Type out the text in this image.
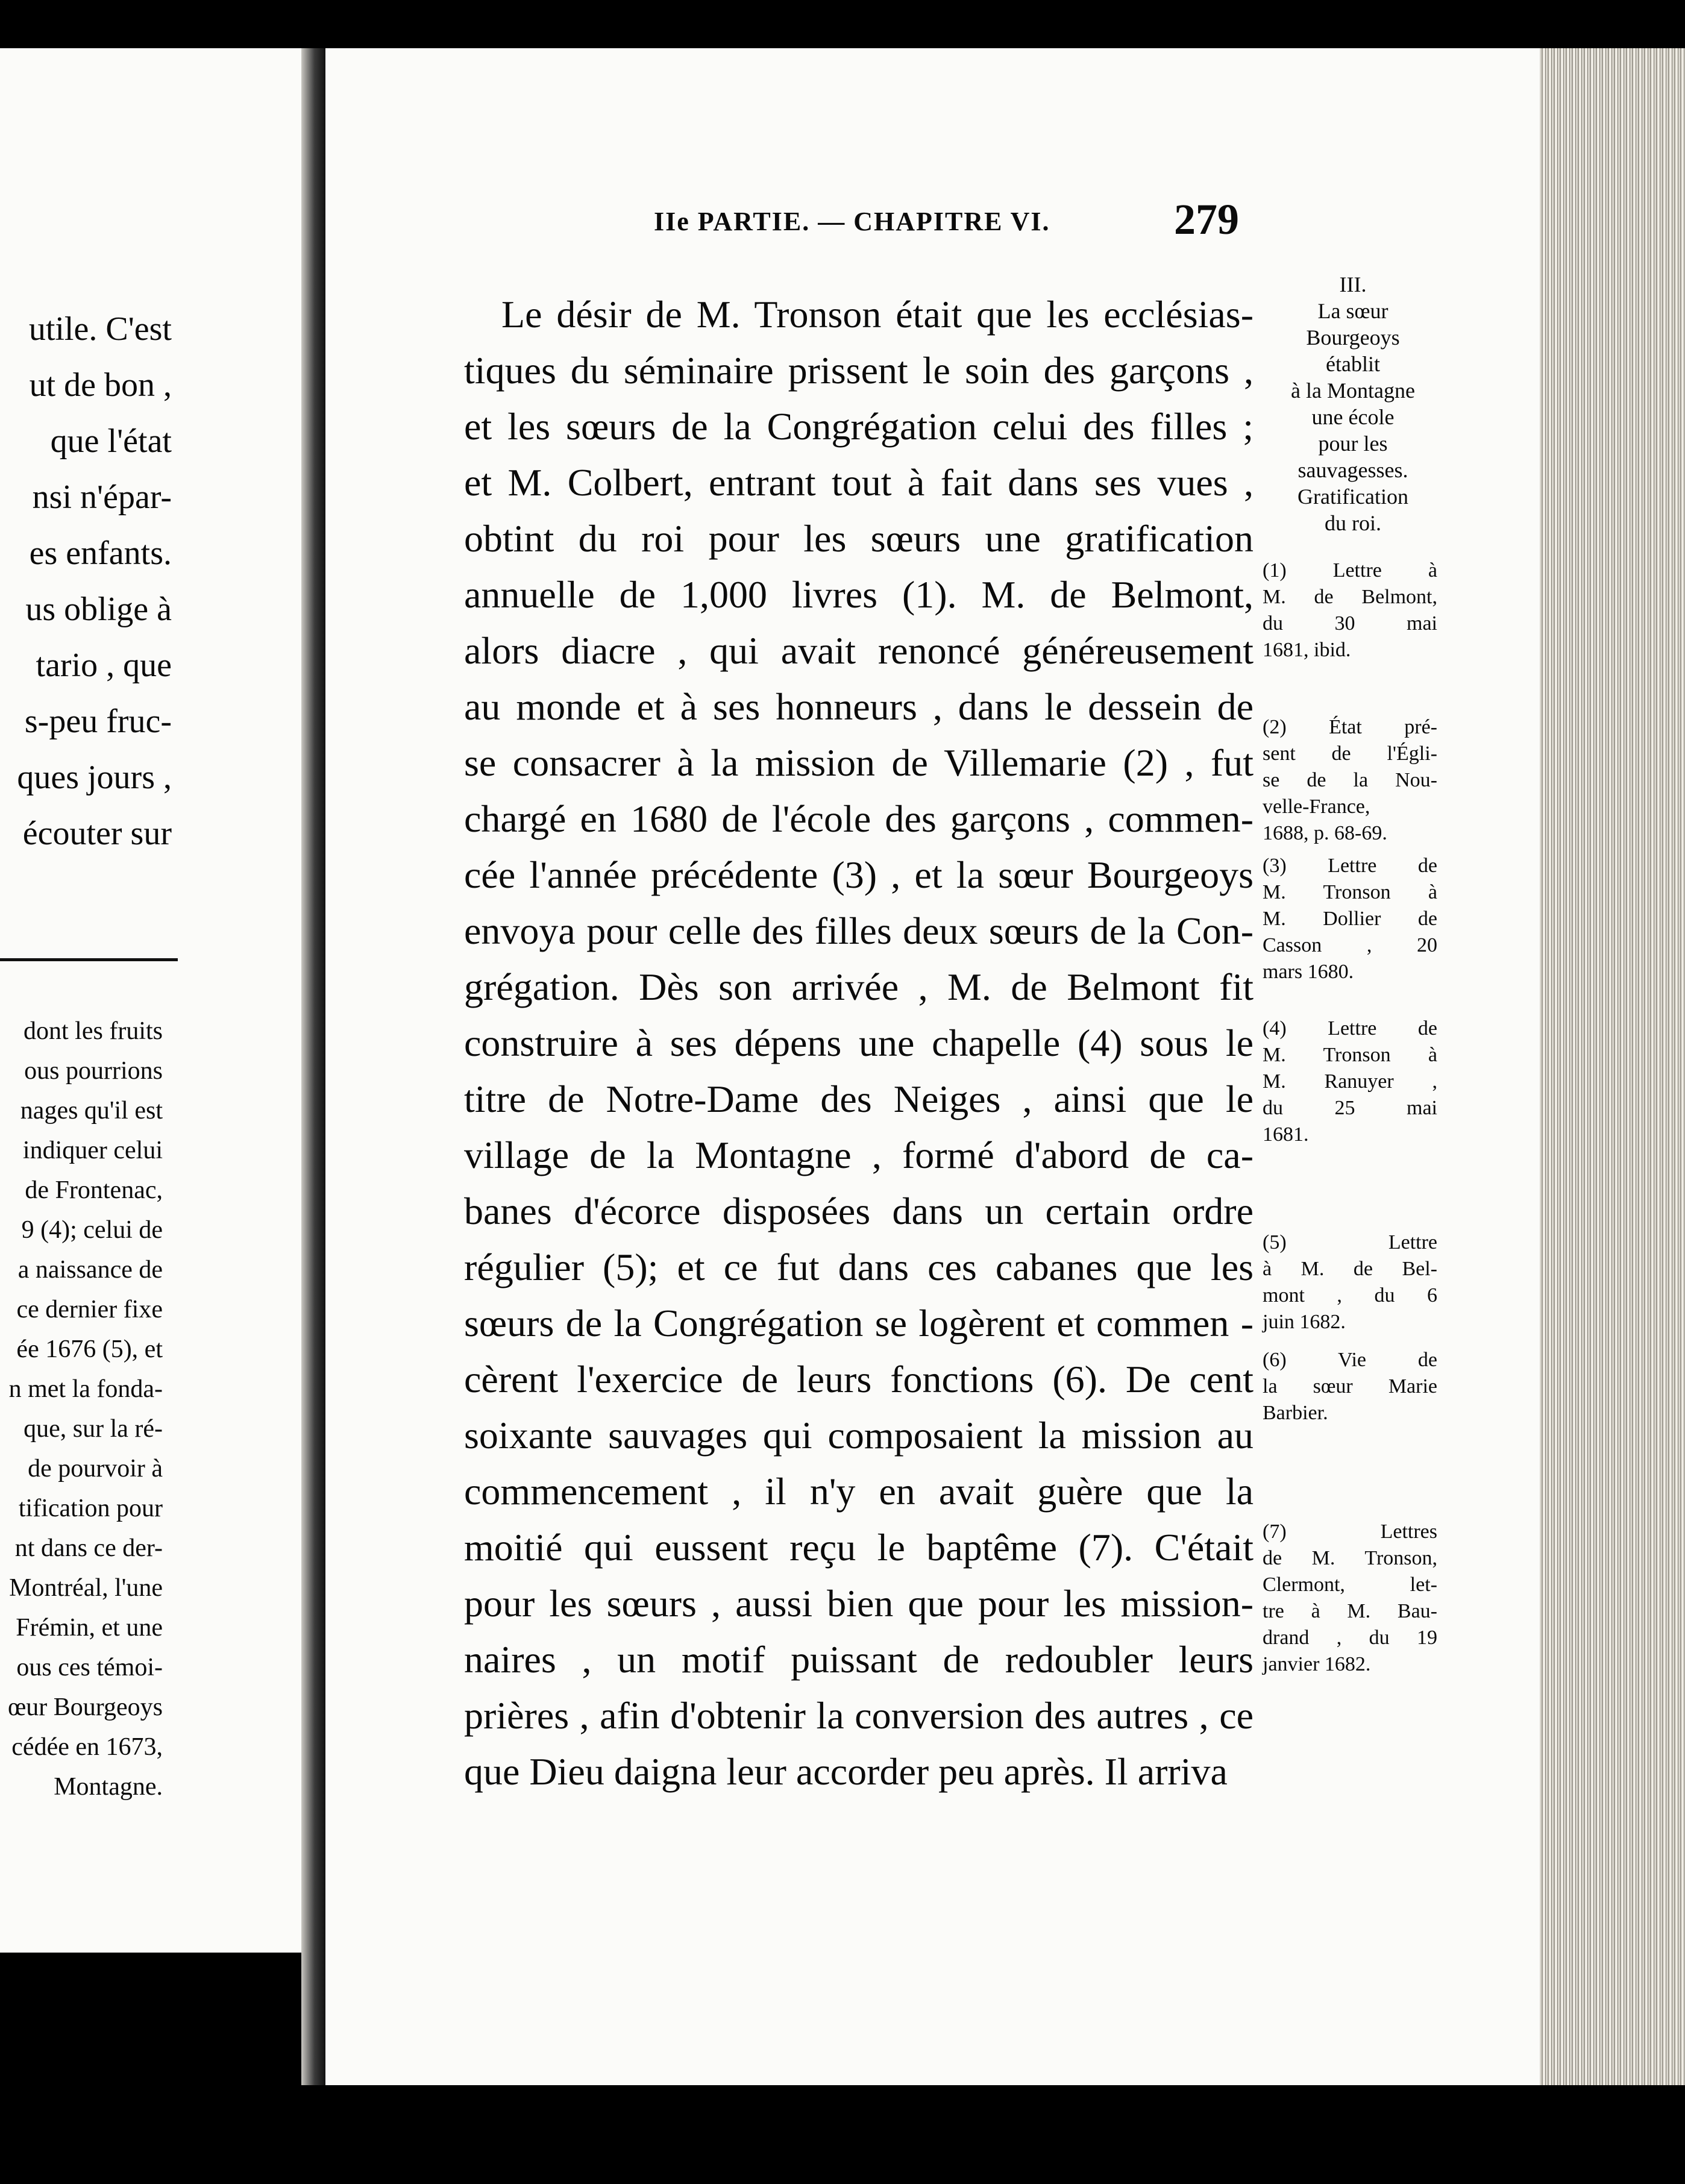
utile. C'est
ut de bon ,
que l'état
nsi n'épar-
es enfants.
us oblige à
tario , que
s-peu fruc-
ques jours ,
écouter sur
dont les fruits
ous pourrions
nages qu'il est
indiquer celui
de Frontenac,
9 (4); celui de
a naissance de
ce dernier fixe
ée 1676 (5), et
n met la fonda-
que, sur la ré-
de pourvoir à
tification pour
nt dans ce der-
Montréal, l'une
Frémin, et une
ous ces témoi-
œur Bourgeoys
cédée en 1673,
Montagne.
IIe PARTIE. — CHAPITRE VI.	279
Le désir de M. Tronson était que les ecclésias-
tiques du séminaire prissent le soin des garçons ,
et les sœurs de la Congrégation celui des filles ;
et M. Colbert, entrant tout à fait dans ses vues ,
obtint du roi pour les sœurs une gratification
annuelle de 1,000 livres (1). M. de Belmont,
alors diacre , qui avait renoncé généreusement
au monde et à ses honneurs , dans le dessein de
se consacrer à la mission de Villemarie (2) , fut
chargé en 1680 de l'école des garçons , commen-
cée l'année précédente (3) , et la sœur Bourgeoys
envoya pour celle des filles deux sœurs de la Con-
grégation. Dès son arrivée , M. de Belmont fit
construire à ses dépens une chapelle (4) sous le
titre de Notre-Dame des Neiges , ainsi que le
village de la Montagne , formé d'abord de ca-
banes d'écorce disposées dans un certain ordre
régulier (5); et ce fut dans ces cabanes que les
sœurs de la Congrégation se logèrent et commen -
cèrent l'exercice de leurs fonctions (6). De cent
soixante sauvages qui composaient la mission au
commencement , il n'y en avait guère que la
moitié qui eussent reçu le baptême (7). C'était
pour les sœurs , aussi bien que pour les mission-
naires , un motif puissant de redoubler leurs
prières , afin d'obtenir la conversion des autres , ce
que Dieu daigna leur accorder peu après. Il arriva
III.
La sœur
Bourgeoys
établit
à la Montagne
une école
pour les
sauvagesses.
Gratification
du roi.
(1) Lettre à
M. de Belmont,
du 30 mai
1681, ibid.
(2) État pré-
sent de l'Égli-
se de la Nou-
velle-France,
1688, p. 68-69.
(3) Lettre de
M. Tronson à
M. Dollier de
Casson , 20
mars 1680.
(4) Lettre de
M. Tronson à
M. Ranuyer ,
du 25 mai
1681.
(5) Lettre
à M. de Bel-
mont , du 6
juin 1682.
(6) Vie de
la sœur Marie
Barbier.
(7) Lettres
de M. Tronson,
Clermont, let-
tre à M. Bau-
drand , du 19
janvier 1682.
